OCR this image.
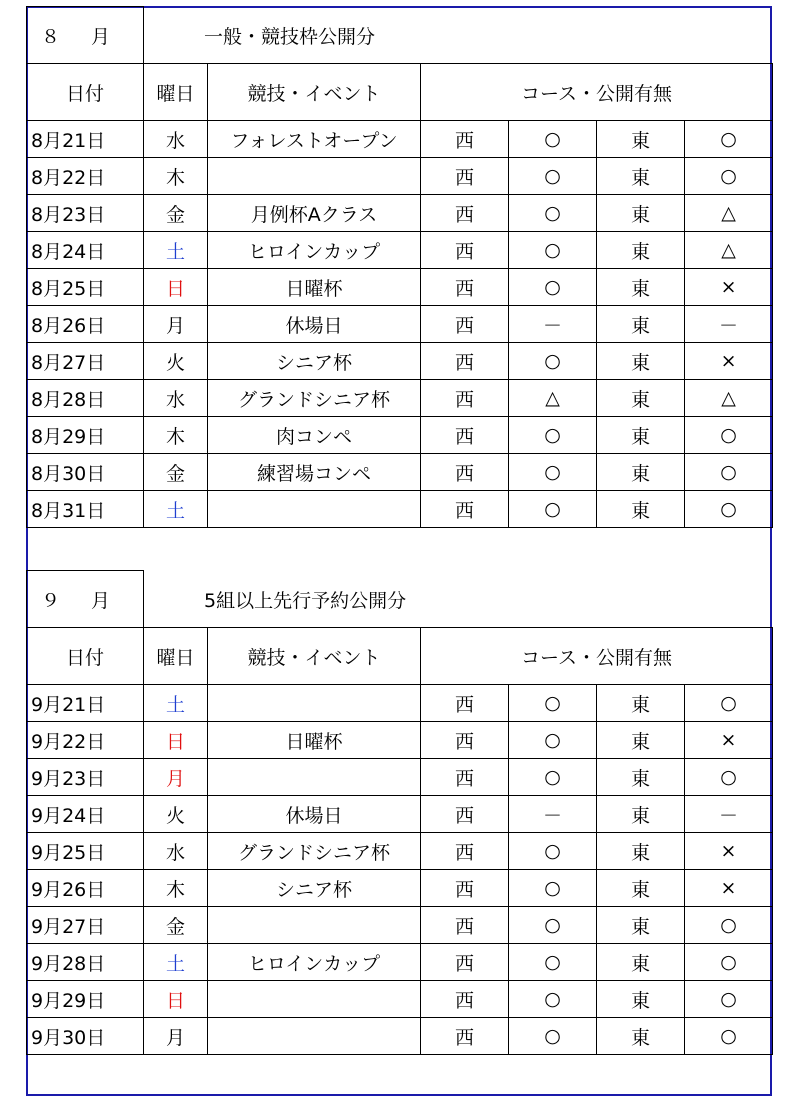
８　月	一般・競技枠公開分					
日付	曜日	競技・イベント	コース・公開有無			
8月21日	水	フォレストオープン	西	○	東	○
8月22日	木		西	○	東	○
8月23日	金	月例杯Aクラス	西	○	東	△
8月24日	土	ヒロインカップ	西	○	東	△
8月25日	日	日曜杯	西	○	東	×
8月26日	月	休場日	西	－	東	－
8月27日	火	シニア杯	西	○	東	×
8月28日	水	グランドシニア杯	西	△	東	△
8月29日	木	肉コンペ	西	○	東	○
8月30日	金	練習場コンペ	西	○	東	○
8月31日	土		西	○	東	○
９　月	5組以上先行予約公開分					
日付	曜日	競技・イベント	コース・公開有無			
9月21日	土		西	○	東	○
9月22日	日	日曜杯	西	○	東	×
9月23日	月		西	○	東	○
9月24日	火	休場日	西	－	東	－
9月25日	水	グランドシニア杯	西	○	東	×
9月26日	木	シニア杯	西	○	東	×
9月27日	金		西	○	東	○
9月28日	土	ヒロインカップ	西	○	東	○
9月29日	日		西	○	東	○
9月30日	月		西	○	東	○
